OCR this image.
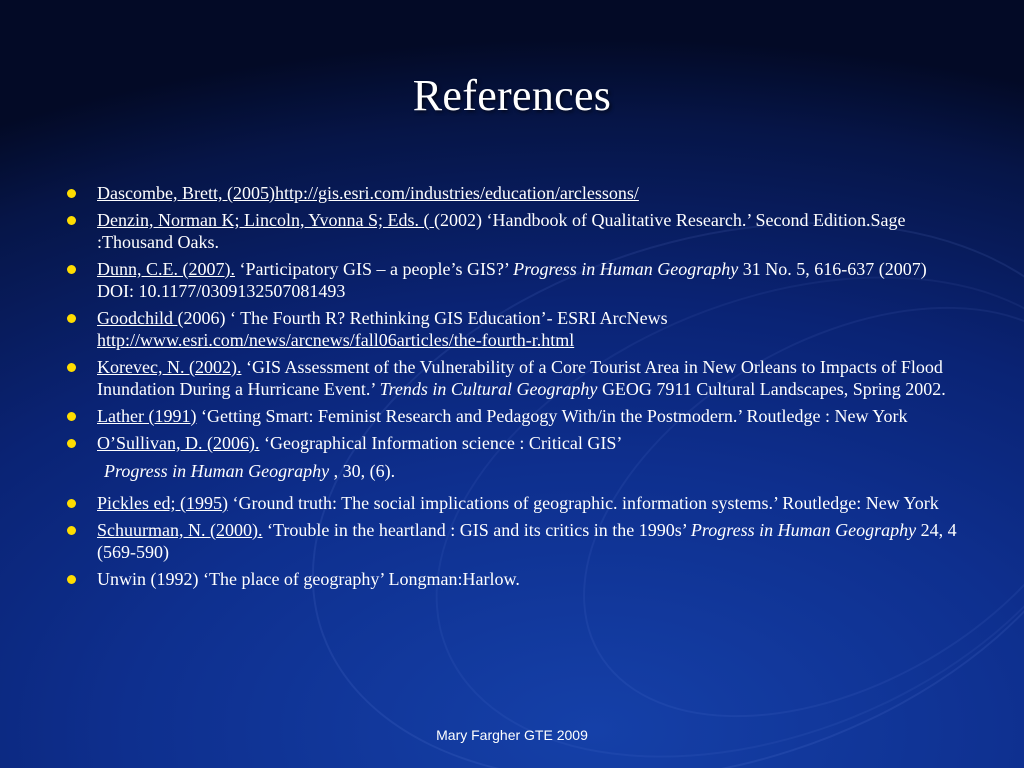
References
Dascombe, Brett, (2005)http://gis.esri.com/industries/education/arclessons/
Denzin, Norman K; Lincoln, Yvonna S; Eds. ( (2002) ‘Handbook of Qualitative Research.’ Second Edition.Sage :Thousand Oaks.
Dunn, C.E. (2007). ‘Participatory GIS – a people’s GIS?’ Progress in Human Geography 31 No. 5, 616-637 (2007)
DOI: 10.1177/0309132507081493
Goodchild (2006) ‘ The Fourth R? Rethinking GIS Education’- ESRI ArcNews
http://www.esri.com/news/arcnews/fall06articles/the-fourth-r.html
Korevec, N. (2002). ‘GIS Assessment of the Vulnerability of a Core Tourist Area in New Orleans to Impacts of Flood Inundation During a Hurricane Event.’ Trends in Cultural Geography GEOG 7911 Cultural Landscapes, Spring 2002.
Lather (1991) ‘Getting Smart: Feminist Research and Pedagogy With/in the Postmodern.’ Routledge : New York
O’Sullivan, D. (2006). ‘Geographical Information science : Critical GIS’
Progress in Human Geography , 30, (6).
Pickles ed; (1995) ‘Ground truth: The social implications of geographic. information systems.’ Routledge: New York
Schuurman, N. (2000). ‘Trouble in the heartland : GIS and its critics in the 1990s’ Progress in Human Geography 24, 4 (569-590)
Unwin (1992) ‘The place of geography’ Longman:Harlow.
Mary Fargher GTE 2009
